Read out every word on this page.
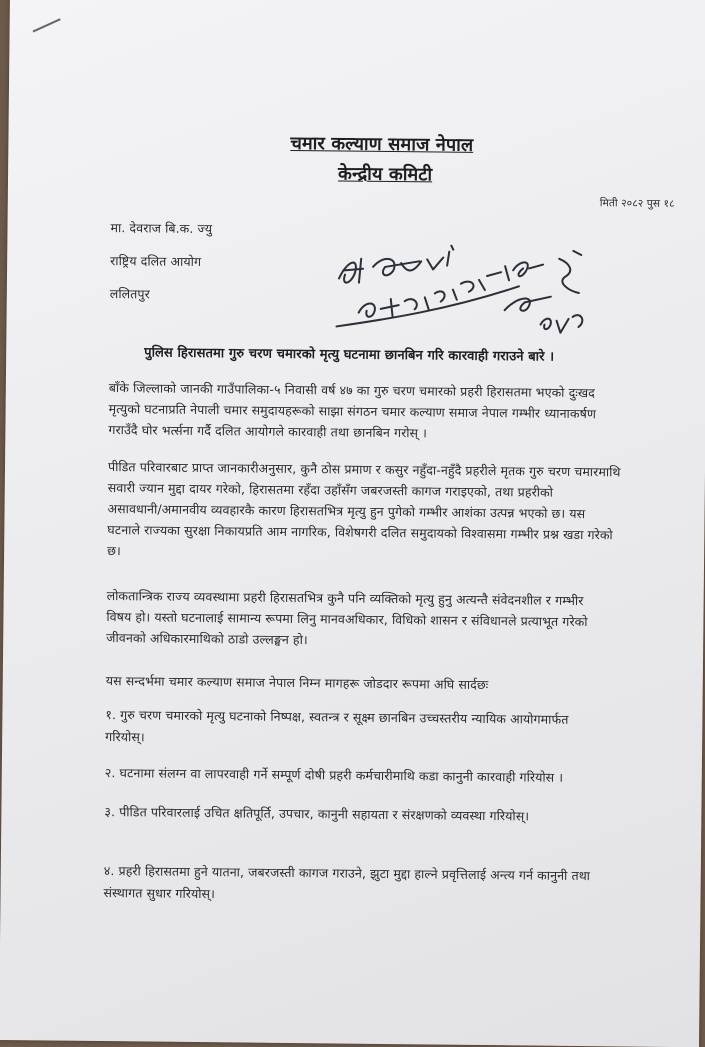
चमार कल्याण समाज नेपाल
केन्द्रीय कमिटी
मिती २०८२ पुस १८
मा. देवराज बि.क. ज्यु
राष्ट्रिय दलित आयोग
ललितपुर
पुलिस हिरासतमा गुरु चरण चमारको मृत्यु घटनामा छानबिन गरि कारवाही गराउने बारे ।
बाँके जिल्लाको जानकी गाउँपालिका-५ निवासी वर्ष ४७ का गुरु चरण चमारको प्रहरी हिरासतमा भएको दुःखद
मृत्युको घटनाप्रति नेपाली चमार समुदायहरूको साझा संगठन चमार कल्याण समाज नेपाल गम्भीर ध्यानाकर्षण
गराउँदै घोर भर्त्सना गर्दै दलित आयोगले कारवाही तथा छानबिन गरोस् ।
पीडित परिवारबाट प्राप्त जानकारीअनुसार, कुनै ठोस प्रमाण र कसुर नहुँदा-नहुँदै प्रहरीले मृतक गुरु चरण चमारमाथि
सवारी ज्यान मुद्दा दायर गरेको, हिरासतमा रहँदा उहाँसँग जबरजस्ती कागज गराइएको, तथा प्रहरीको
असावधानी/अमानवीय व्यवहारकै कारण हिरासतभित्र मृत्यु हुन पुगेको गम्भीर आशंका उत्पन्न भएको छ। यस
घटनाले राज्यका सुरक्षा निकायप्रति आम नागरिक, विशेषगरी दलित समुदायको विश्वासमा गम्भीर प्रश्न खडा गरेको
छ।
लोकतान्त्रिक राज्य व्यवस्थामा प्रहरी हिरासतभित्र कुनै पनि व्यक्तिको मृत्यु हुनु अत्यन्तै संवेदनशील र गम्भीर
विषय हो। यस्तो घटनालाई सामान्य रूपमा लिनु मानवअधिकार, विधिको शासन र संविधानले प्रत्याभूत गरेको
जीवनको अधिकारमाथिको ठाडो उल्लङ्घन हो।
यस सन्दर्भमा चमार कल्याण समाज नेपाल निम्न मागहरू जोडदार रूपमा अघि सार्दछः
१. गुरु चरण चमारको मृत्यु घटनाको निष्पक्ष, स्वतन्त्र र सूक्ष्म छानबिन उच्चस्तरीय न्यायिक आयोगमार्फत
गरियोस्।
२. घटनामा संलग्न वा लापरवाही गर्ने सम्पूर्ण दोषी प्रहरी कर्मचारीमाथि कडा कानुनी कारवाही गरियोस ।
३. पीडित परिवारलाई उचित क्षतिपूर्ति, उपचार, कानुनी सहायता र संरक्षणको व्यवस्था गरियोस्।
४. प्रहरी हिरासतमा हुने यातना, जबरजस्ती कागज गराउने, झुटा मुद्दा हाल्ने प्रवृत्तिलाई अन्त्य गर्न कानुनी तथा
संस्थागत सुधार गरियोस्।
